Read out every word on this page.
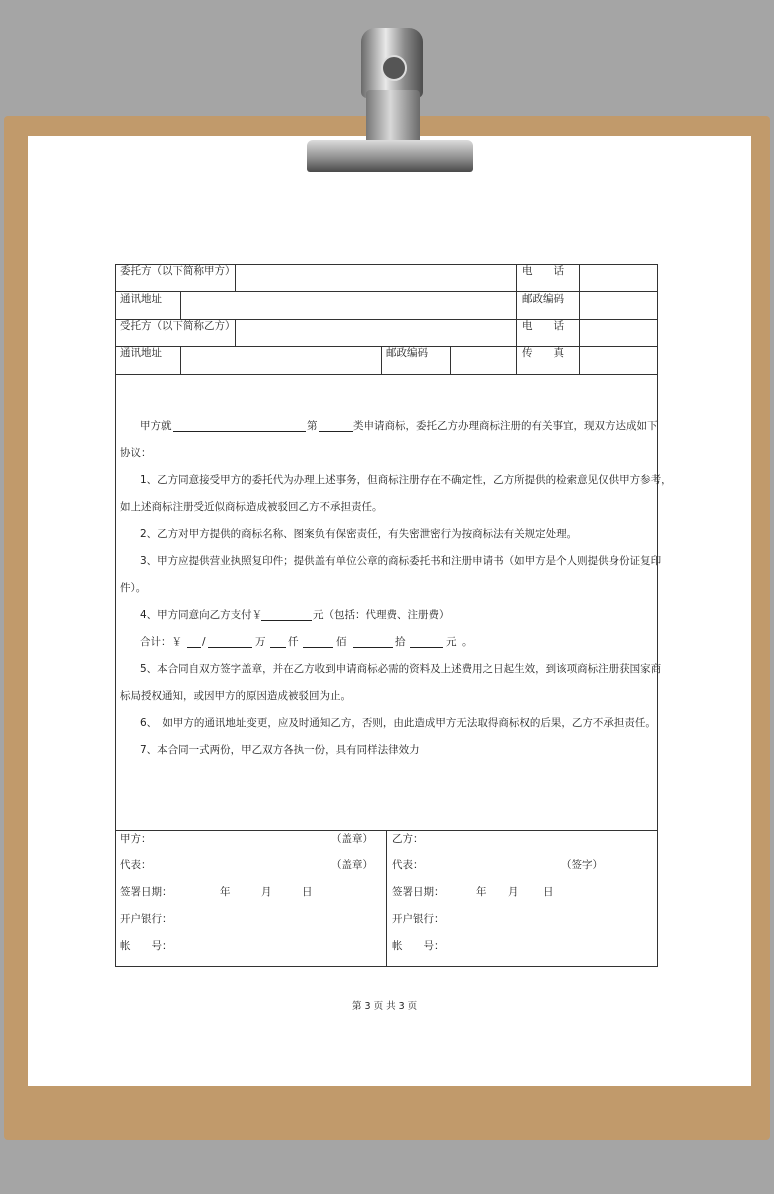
委托方（以下简称甲方）	电　　话
通讯地址	邮政编码
受托方（以下简称乙方）	电　　话
通讯地址	邮政编码	传　　真
甲方就	第	类申请商标，委托乙方办理商标注册的有关事宜，现双方达成如下
协议：
1、乙方同意接受甲方的委托代为办理上述事务，但商标注册存在不确定性，乙方所提供的检索意见仅供甲方参考，
如上述商标注册受近似商标造成被驳回乙方不承担责任。
2、乙方对甲方提供的商标名称、图案负有保密责任，有失密泄密行为按商标法有关规定处理。
3、甲方应提供营业执照复印件；提供盖有单位公章的商标委托书和注册申请书（如甲方是个人则提供身份证复印
件）。
4、甲方同意向乙方支付￥	元（包括：代理费、注册费）
合计：￥ /	万 仟	佰	拾	元 。
5、本合同自双方签字盖章，并在乙方收到申请商标必需的资料及上述费用之日起生效，到该项商标注册获国家商
标局授权通知，或因甲方的原因造成被驳回为止。
6、　如甲方的通讯地址变更，应及时通知乙方，否则，由此造成甲方无法取得商标权的后果，乙方不承担责任。
7、本合同一式两份，甲乙双方各执一份，具有同样法律效力
甲方：	（盖章）
代表：	（盖章）
签署日期：	年	月	日
开户银行：
帐　　号：
乙方：
代表：	（签字）
签署日期：	年 月 日
开户银行：
帐　　号：
第 3 页 共 3 页
